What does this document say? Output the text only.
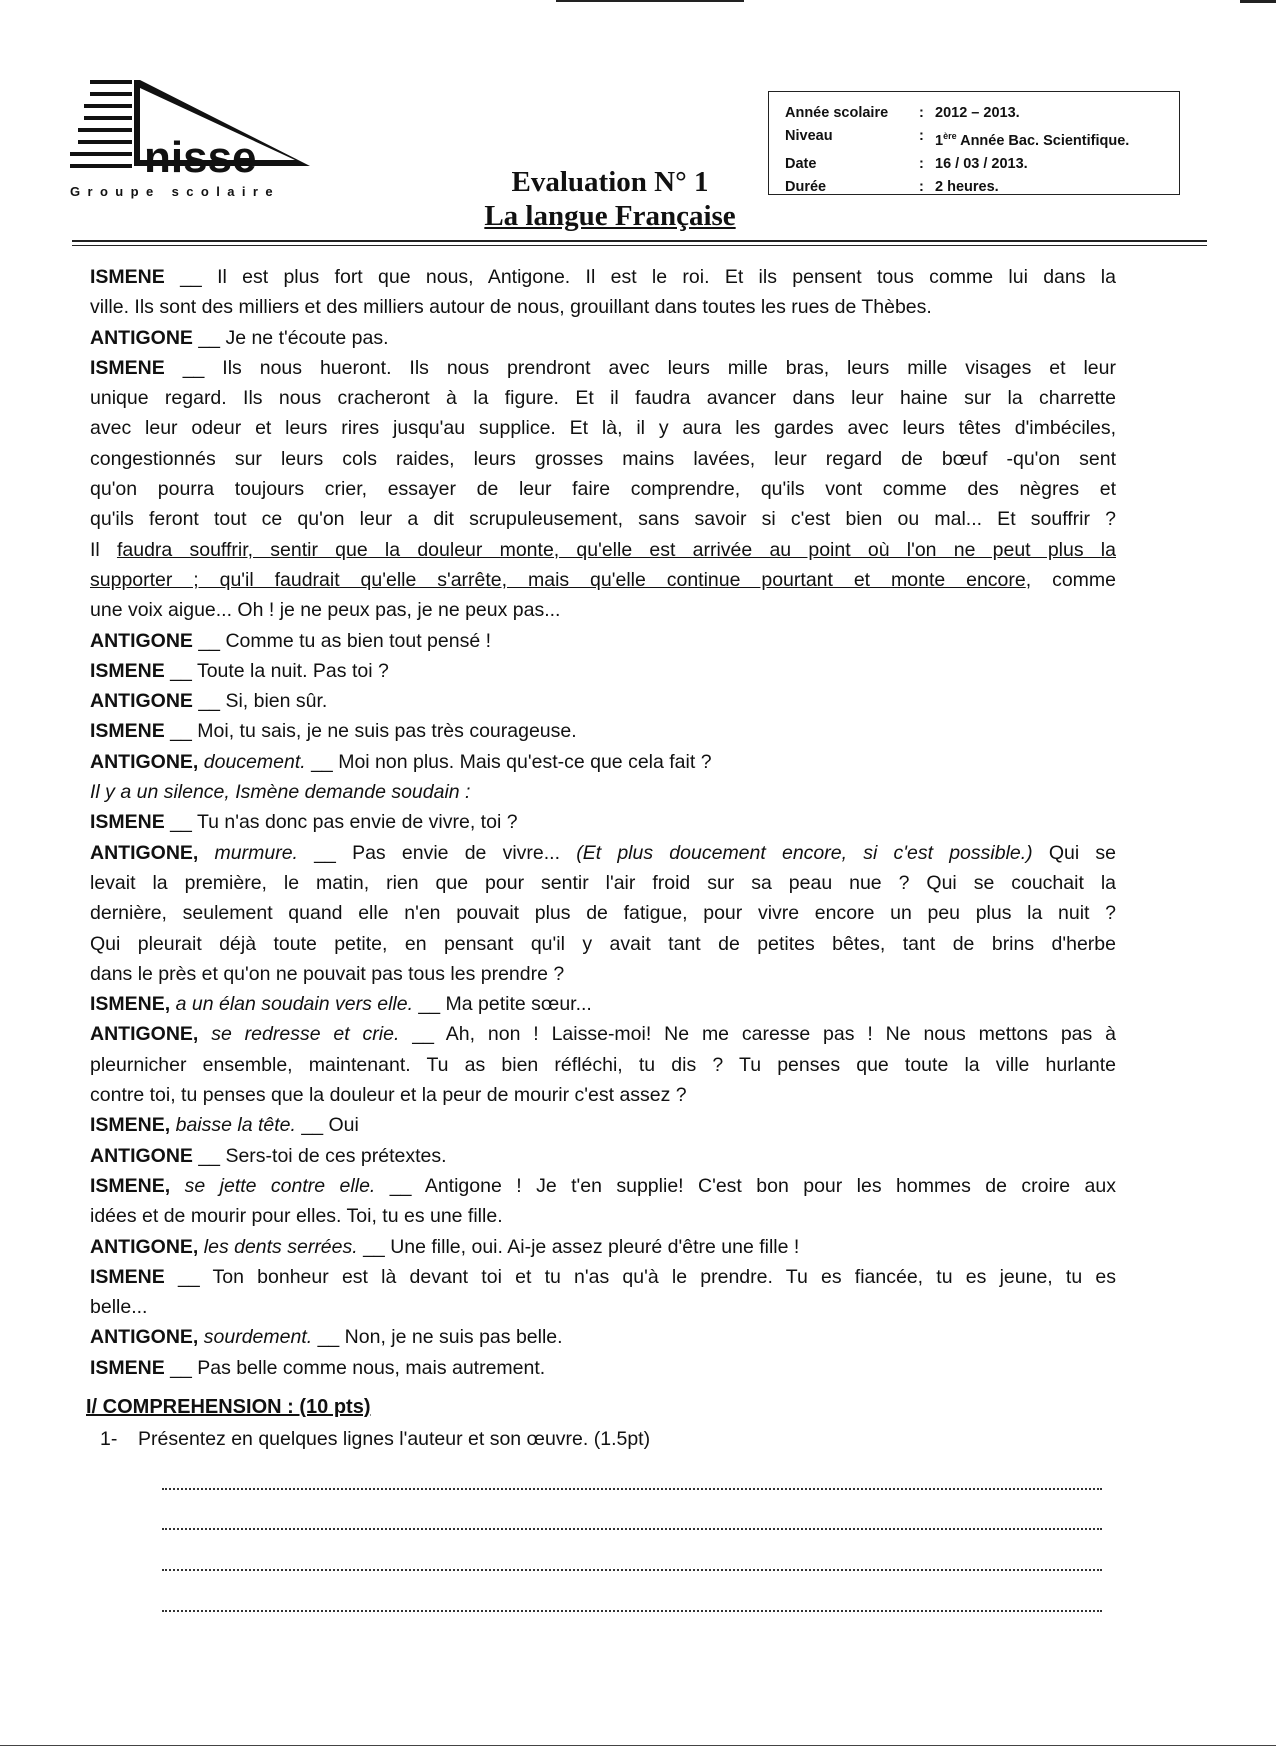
nisse
Groupe scolaire	Evaluation N° 1
La langue Française
Année scolaire	: 2012 – 2013.
Niveau	: 1ère Année Bac. Scientifique.
Date	: 16 / 03 / 2013.
Durée	: 2 heures.

ISMENE __ Il est plus fort que nous, Antigone. Il est le roi. Et ils pensent tous comme lui dans la

ville. Ils sont des milliers et des milliers autour de nous, grouillant dans toutes les rues de Thèbes.

ANTIGONE __ Je ne t'écoute pas.

ISMENE __ Ils nous hueront. Ils nous prendront avec leurs mille bras, leurs mille visages et leur

unique regard. Ils nous cracheront à la figure. Et il faudra avancer dans leur haine sur la charrette

avec leur odeur et leurs rires jusqu'au supplice. Et là, il y aura les gardes avec leurs têtes d'imbéciles,

congestionnés sur leurs cols raides, leurs grosses mains lavées, leur regard de bœuf -qu'on sent

qu'on pourra toujours crier, essayer de leur faire comprendre, qu'ils vont comme des nègres et

qu'ils feront tout ce qu'on leur a dit scrupuleusement, sans savoir si c'est bien ou mal... Et souffrir ?

Il faudra souffrir, sentir que la douleur monte, qu'elle est arrivée au point où l'on ne peut plus la

supporter ; qu'il faudrait qu'elle s'arrête, mais qu'elle continue pourtant et monte encore, comme

une voix aigue... Oh ! je ne peux pas, je ne peux pas...

ANTIGONE __ Comme tu as bien tout pensé !

ISMENE __ Toute la nuit. Pas toi ?

ANTIGONE __ Si, bien sûr.

ISMENE __ Moi, tu sais, je ne suis pas très courageuse.

ANTIGONE, doucement. __ Moi non plus. Mais qu'est-ce que cela fait ?

Il y a un silence, Ismène demande soudain :

ISMENE __ Tu n'as donc pas envie de vivre, toi ?

ANTIGONE, murmure. __ Pas envie de vivre... (Et plus doucement encore, si c'est possible.) Qui se

levait la première, le matin, rien que pour sentir l'air froid sur sa peau nue ? Qui se couchait la

dernière, seulement quand elle n'en pouvait plus de fatigue, pour vivre encore un peu plus la nuit ?

Qui pleurait déjà toute petite, en pensant qu'il y avait tant de petites bêtes, tant de brins d'herbe

dans le près et qu'on ne pouvait pas tous les prendre ?

ISMENE, a un élan soudain vers elle. __ Ma petite sœur...

ANTIGONE, se redresse et crie. __ Ah, non ! Laisse-moi! Ne me caresse pas ! Ne nous mettons pas à

pleurnicher ensemble, maintenant. Tu as bien réfléchi, tu dis ? Tu penses que toute la ville hurlante

contre toi, tu penses que la douleur et la peur de mourir c'est assez ?

ISMENE, baisse la tête. __ Oui

ANTIGONE __ Sers-toi de ces prétextes.

ISMENE, se jette contre elle. __ Antigone ! Je t'en supplie! C'est bon pour les hommes de croire aux

idées et de mourir pour elles. Toi, tu es une fille.

ANTIGONE, les dents serrées. __ Une fille, oui. Ai-je assez pleuré d'être une fille !

ISMENE __ Ton bonheur est là devant toi et tu n'as qu'à le prendre. Tu es fiancée, tu es jeune, tu es

belle...

ANTIGONE, sourdement. __ Non, je ne suis pas belle.

ISMENE __ Pas belle comme nous, mais autrement.

I/ COMPREHENSION : (10 pts)
1- Présentez en quelques lignes l'auteur et son œuvre. (1.5pt)
